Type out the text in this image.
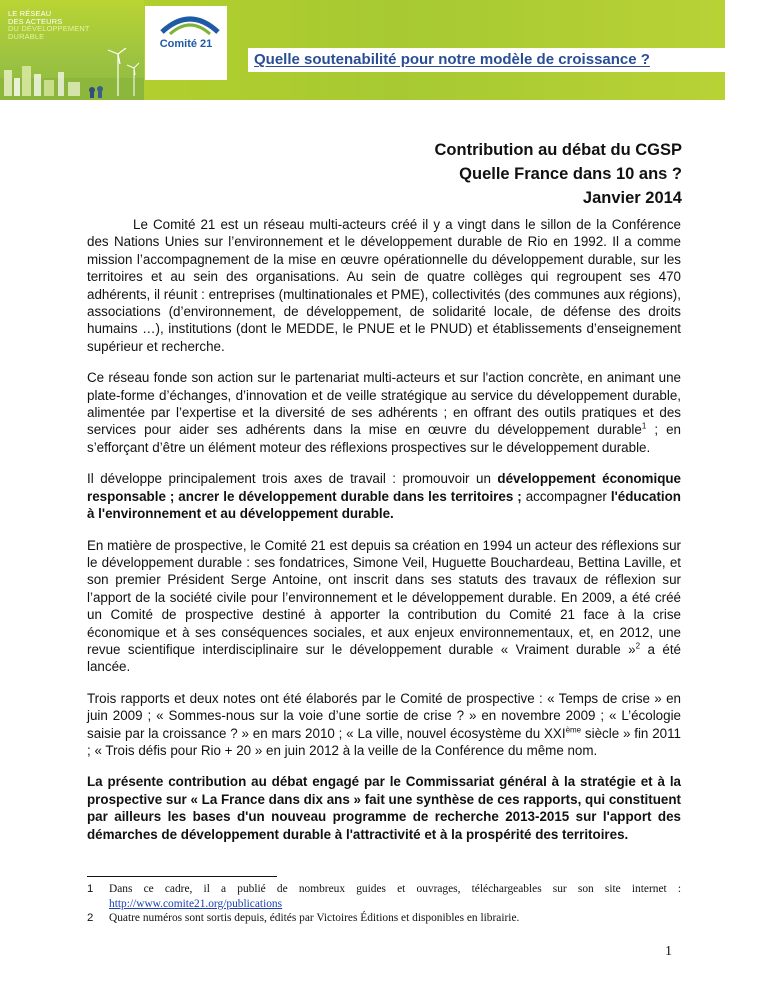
LE RÉSEAU
DES ACTEURS
DU DÉVELOPPEMENT
DURABLE
Comité 21
Quelle soutenabilité pour notre modèle de croissance ?
Contribution au débat du CGSP
Quelle France dans 10 ans ?
Janvier 2014

Le Comité 21 est un réseau multi-acteurs créé il y a vingt dans le sillon de la Conférence des Nations Unies sur l’environnement et le développement durable de Rio en 1992. Il a comme mission l’accompagnement de la mise en œuvre opérationnelle du développement durable, sur les territoires et au sein des organisations. Au sein de quatre collèges qui regroupent ses 470 adhérents, il réunit : entreprises (multinationales et PME), collectivités (des communes aux régions), associations (d’environnement, de développement, de solidarité locale, de défense des droits humains …), institutions (dont le MEDDE, le PNUE et le PNUD) et établissements d’enseignement supérieur et recherche.

Ce réseau fonde son action sur le partenariat multi-acteurs et sur l'action concrète, en animant une plate-forme d’échanges, d’innovation et de veille stratégique au service du développement durable, alimentée par l’expertise et la diversité de ses adhérents ; en offrant des outils pratiques et des services pour aider ses adhérents dans la mise en œuvre du développement durable$^1$ ; en s’efforçant d’être un élément moteur des réflexions prospectives sur le développement durable.

Il développe principalement trois axes de travail : promouvoir un développement économique responsable ; ancrer le développement durable dans les territoires ; accompagner l'éducation à l'environnement et au développement durable.

En matière de prospective, le Comité 21 est depuis sa création en 1994 un acteur des réflexions sur le développement durable : ses fondatrices, Simone Veil, Huguette Bouchardeau, Bettina Laville, et son premier Président Serge Antoine, ont inscrit dans ses statuts des travaux de réflexion sur l’apport de la société civile pour l’environnement et le développement durable. En 2009, a été créé un Comité de prospective destiné à apporter la contribution du Comité 21 face à la crise économique et à ses conséquences sociales, et aux enjeux environnementaux, et, en 2012, une revue scientifique interdisciplinaire sur le développement durable « Vraiment durable »$^2$ a été lancée.

Trois rapports et deux notes ont été élaborés par le Comité de prospective : « Temps de crise » en juin 2009 ; « Sommes-nous sur la voie d’une sortie de crise ? » en novembre 2009 ; « L’écologie saisie par la croissance ? » en mars 2010 ; « La ville, nouvel écosystème du XXIème siècle » fin 2011 ; « Trois défis pour Rio + 20 » en juin 2012 à la veille de la Conférence du même nom.

La présente contribution au débat engagé par le Commissariat général à la stratégie et à la prospective sur « La France dans dix ans » fait une synthèse de ces rapports, qui constituent par ailleurs les bases d'un nouveau programme de recherche 2013-2015 sur l'apport des démarches de développement durable à l'attractivité et à la prospérité des territoires.

1 Dans ce cadre, il a publié de nombreux guides et ouvrages, téléchargeables sur son site internet : http://www.comite21.org/publications
2 Quatre numéros sont sortis depuis, édités par Victoires Éditions et disponibles en librairie.
1
